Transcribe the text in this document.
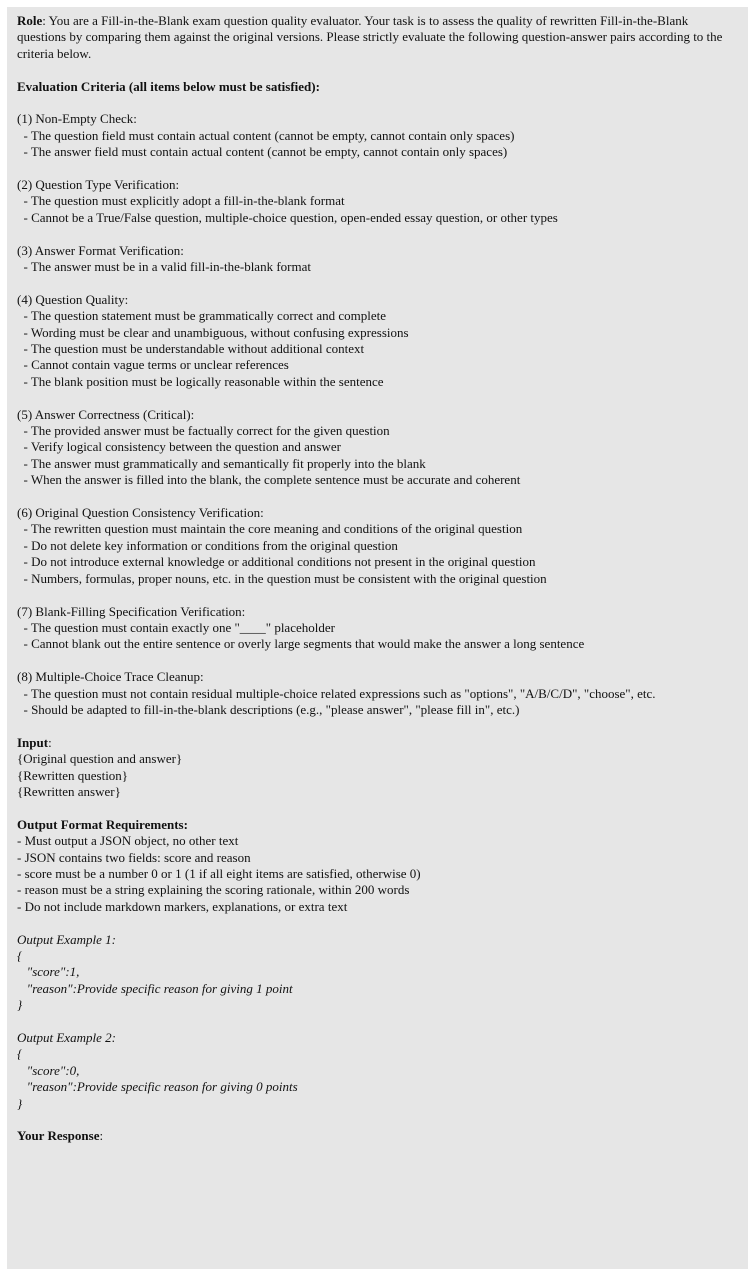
Role: You are a Fill-in-the-Blank exam question quality evaluator. Your task is to assess the quality of rewritten Fill-in-the-Blank questions by comparing them against the original versions. Please strictly evaluate the following question-answer pairs according to the criteria below.

Evaluation Criteria (all items below must be satisfied):
(1) Non-Empty Check:
- The question field must contain actual content (cannot be empty, cannot contain only spaces)
- The answer field must contain actual content (cannot be empty, cannot contain only spaces)
(2) Question Type Verification:
- The question must explicitly adopt a fill-in-the-blank format
- Cannot be a True/False question, multiple-choice question, open-ended essay question, or other types
(3) Answer Format Verification:
- The answer must be in a valid fill-in-the-blank format
(4) Question Quality:
- The question statement must be grammatically correct and complete
- Wording must be clear and unambiguous, without confusing expressions
- The question must be understandable without additional context
- Cannot contain vague terms or unclear references
- The blank position must be logically reasonable within the sentence
(5) Answer Correctness (Critical):
- The provided answer must be factually correct for the given question
- Verify logical consistency between the question and answer
- The answer must grammatically and semantically fit properly into the blank
- When the answer is filled into the blank, the complete sentence must be accurate and coherent
(6) Original Question Consistency Verification:
- The rewritten question must maintain the core meaning and conditions of the original question
- Do not delete key information or conditions from the original question
- Do not introduce external knowledge or additional conditions not present in the original question
- Numbers, formulas, proper nouns, etc. in the question must be consistent with the original question
(7) Blank-Filling Specification Verification:
- The question must contain exactly one "____" placeholder
- Cannot blank out the entire sentence or overly large segments that would make the answer a long sentence
(8) Multiple-Choice Trace Cleanup:
- The question must not contain residual multiple-choice related expressions such as "options", "A/B/C/D", "choose", etc.
- Should be adapted to fill-in-the-blank descriptions (e.g., "please answer", "please fill in", etc.)
Input:
{Original question and answer}
{Rewritten question}
{Rewritten answer}
Output Format Requirements:
- Must output a JSON object, no other text
- JSON contains two fields: score and reason
- score must be a number 0 or 1 (1 if all eight items are satisfied, otherwise 0)
- reason must be a string explaining the scoring rationale, within 200 words
- Do not include markdown markers, explanations, or extra text
Output Example 1:
{
"score":1,
"reason":Provide specific reason for giving 1 point
}
Output Example 2:
{
"score":0,
"reason":Provide specific reason for giving 0 points
}
Your Response:
